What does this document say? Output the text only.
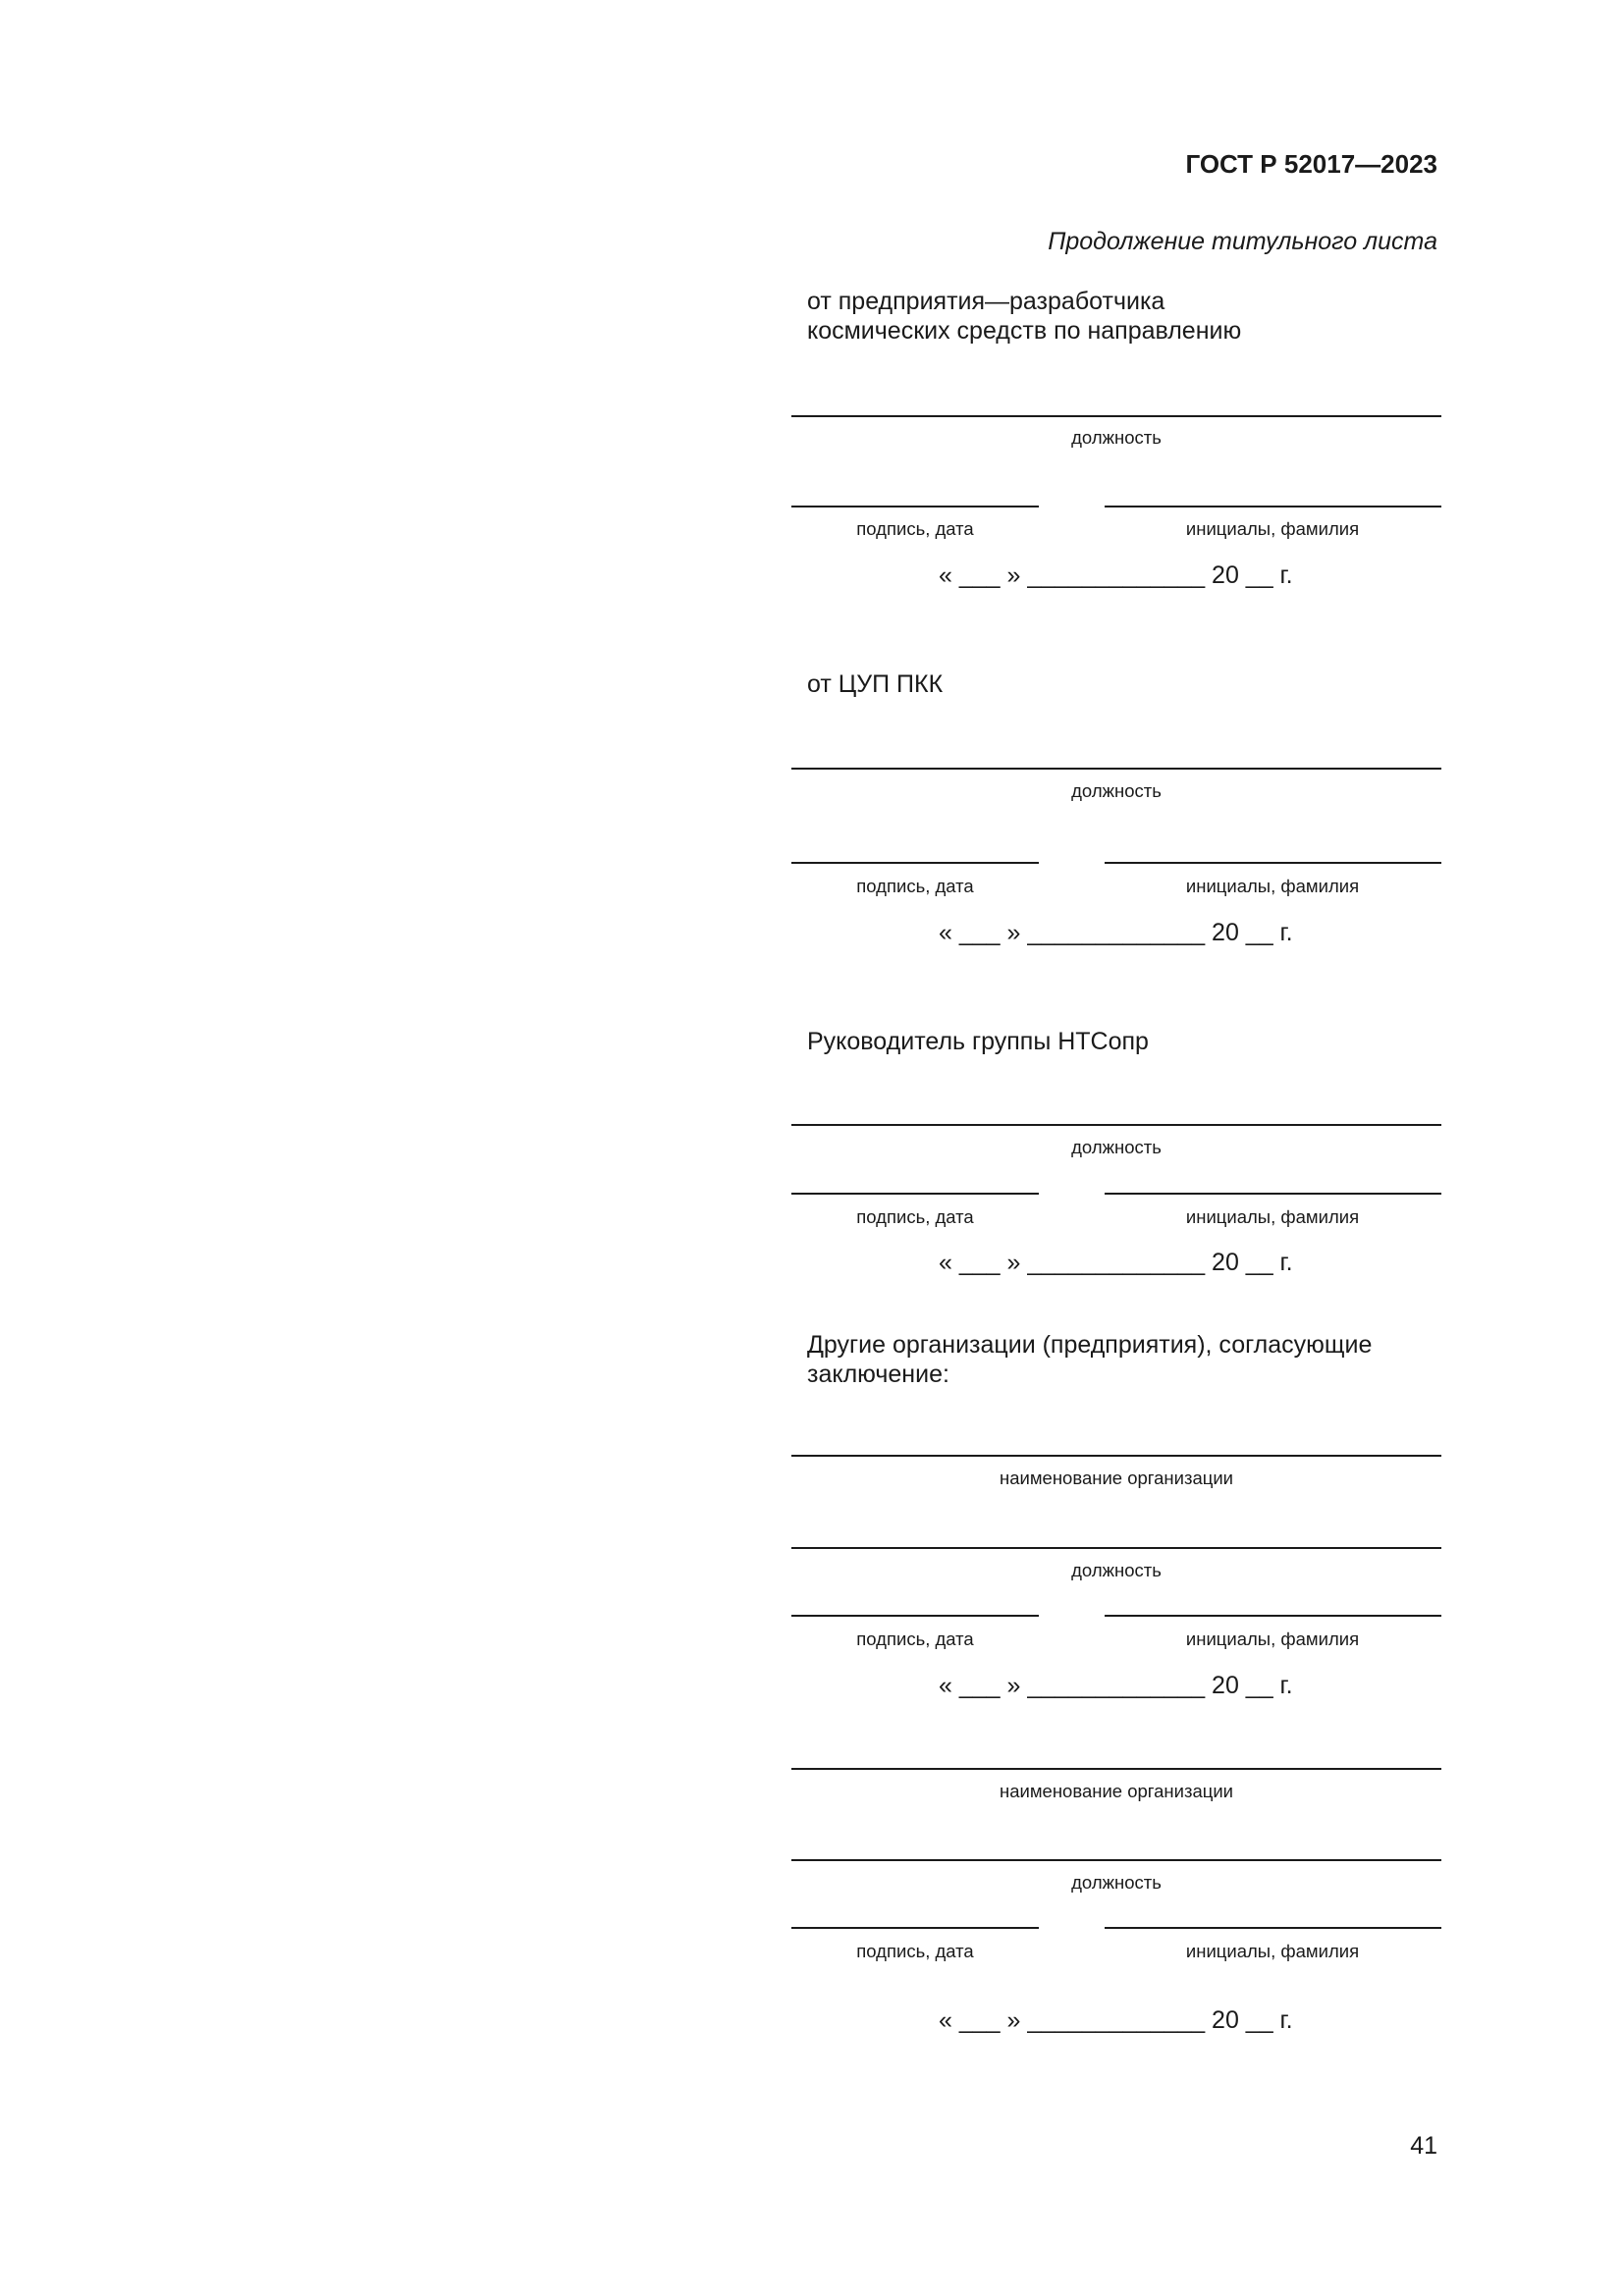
ГОСТ Р 52017—2023
Продолжение титульного листа
от предприятия—разработчика
космических средств по направлению
должность
подпись, дата	инициалы, фамилия
« ___ » _____________ 20 __ г.
от ЦУП ПКК
должность
подпись, дата	инициалы, фамилия
« ___ » _____________ 20 __ г.
Руководитель группы НТСопр
должность
подпись, дата	инициалы, фамилия
« ___ » _____________ 20 __ г.
Другие организации (предприятия), согласующие
заключение:
наименование организации
должность
подпись, дата	инициалы, фамилия
« ___ » _____________ 20 __ г.
наименование организации
должность
подпись, дата	инициалы, фамилия
« ___ » _____________ 20 __ г.
41
